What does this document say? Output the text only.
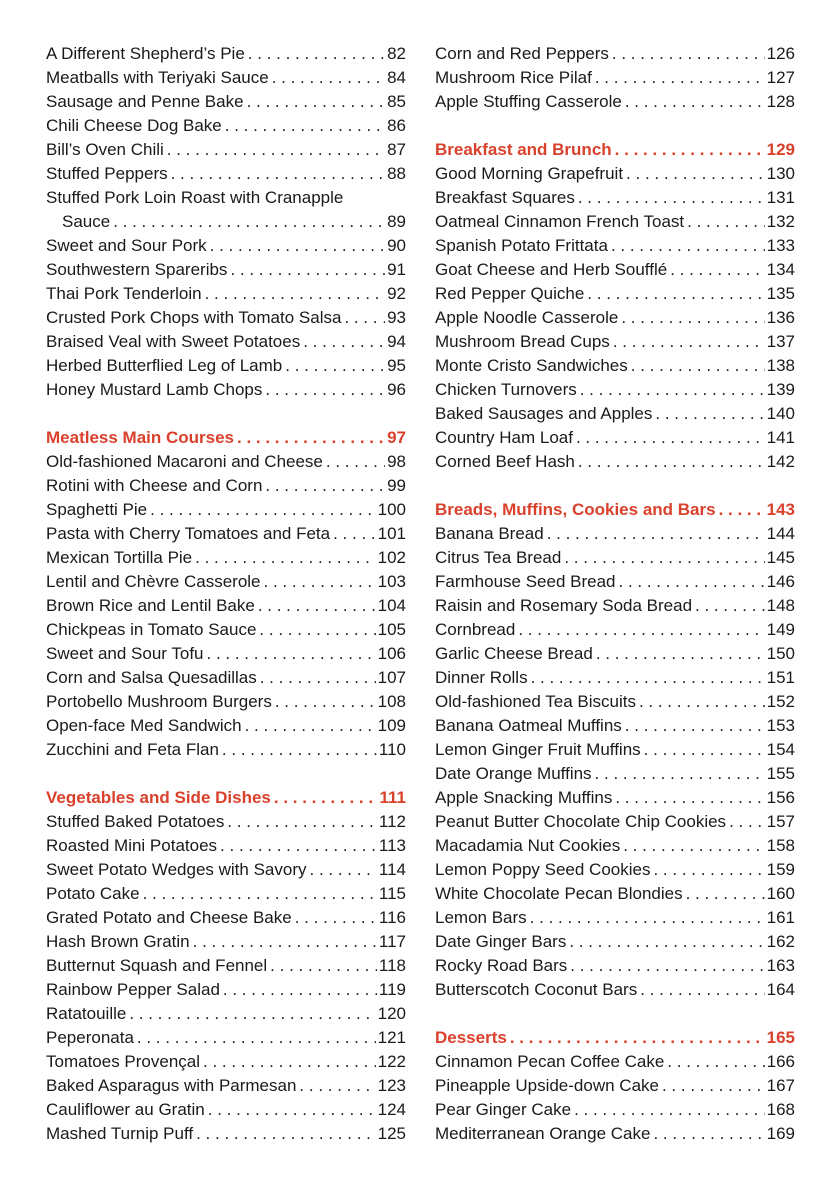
A Different Shepherd’s Pie . . .	82
Meatballs with Teriyaki Sauce . . .	84
Sausage and Penne Bake . . .	85
Chili Cheese Dog Bake . . .	86
Bill’s Oven Chili . . .	87
Stuffed Peppers . . .	88
Stuffed Pork Loin Roast with Cranapple
Sauce . . .	89
Sweet and Sour Pork . . .	90
Southwestern Spareribs . . .	91
Thai Pork Tenderloin . . .	92
Crusted Pork Chops with Tomato Salsa . . .	93
Braised Veal with Sweet Potatoes . . .	94
Herbed Butterflied Leg of Lamb . . .	95
Honey Mustard Lamb Chops . . .	96
Meatless Main Courses . . .	97
Old-fashioned Macaroni and Cheese . . .	98
Rotini with Cheese and Corn . . .	99
Spaghetti Pie . . .	100
Pasta with Cherry Tomatoes and Feta . . .	101
Mexican Tortilla Pie . . .	102
Lentil and Chèvre Casserole . . .	103
Brown Rice and Lentil Bake . . .	104
Chickpeas in Tomato Sauce . . .	105
Sweet and Sour Tofu . . .	106
Corn and Salsa Quesadillas . . .	107
Portobello Mushroom Burgers . . .	108
Open-face Med Sandwich . . .	109
Zucchini and Feta Flan . . .	110
Vegetables and Side Dishes . . .	111
Stuffed Baked Potatoes . . .	112
Roasted Mini Potatoes . . .	113
Sweet Potato Wedges with Savory . . .	114
Potato Cake . . .	115
Grated Potato and Cheese Bake . . .	116
Hash Brown Gratin . . .	117
Butternut Squash and Fennel . . .	118
Rainbow Pepper Salad . . .	119
Ratatouille . . .	120
Peperonata . . .	121
Tomatoes Provençal . . .	122
Baked Asparagus with Parmesan . . .	123
Cauliflower au Gratin . . .	124
Mashed Turnip Puff . . .	125
Corn and Red Peppers . . .	126
Mushroom Rice Pilaf . . .	127
Apple Stuffing Casserole . . .	128
Breakfast and Brunch . . .	129
Good Morning Grapefruit . . .	130
Breakfast Squares . . .	131
Oatmeal Cinnamon French Toast . . .	132
Spanish Potato Frittata . . .	133
Goat Cheese and Herb Soufflé . . .	134
Red Pepper Quiche . . .	135
Apple Noodle Casserole . . .	136
Mushroom Bread Cups . . .	137
Monte Cristo Sandwiches . . .	138
Chicken Turnovers . . .	139
Baked Sausages and Apples . . .	140
Country Ham Loaf . . .	141
Corned Beef Hash . . .	142
Breads, Muffins, Cookies and Bars . . .	143
Banana Bread . . .	144
Citrus Tea Bread . . .	145
Farmhouse Seed Bread . . .	146
Raisin and Rosemary Soda Bread . . .	148
Cornbread . . .	149
Garlic Cheese Bread . . .	150
Dinner Rolls . . .	151
Old-fashioned Tea Biscuits . . .	152
Banana Oatmeal Muffins . . .	153
Lemon Ginger Fruit Muffins . . .	154
Date Orange Muffins . . .	155
Apple Snacking Muffins . . .	156
Peanut Butter Chocolate Chip Cookies . . . 157
Macadamia Nut Cookies . . .	158
Lemon Poppy Seed Cookies . . .	159
White Chocolate Pecan Blondies . . .	160
Lemon Bars . . .	161
Date Ginger Bars . . .	162
Rocky Road Bars . . .	163
Butterscotch Coconut Bars . . .	164
Desserts . . .	165
Cinnamon Pecan Coffee Cake . . .	166
Pineapple Upside-down Cake . . .	167
Pear Ginger Cake . . .	168
Mediterranean Orange Cake . . .	169
